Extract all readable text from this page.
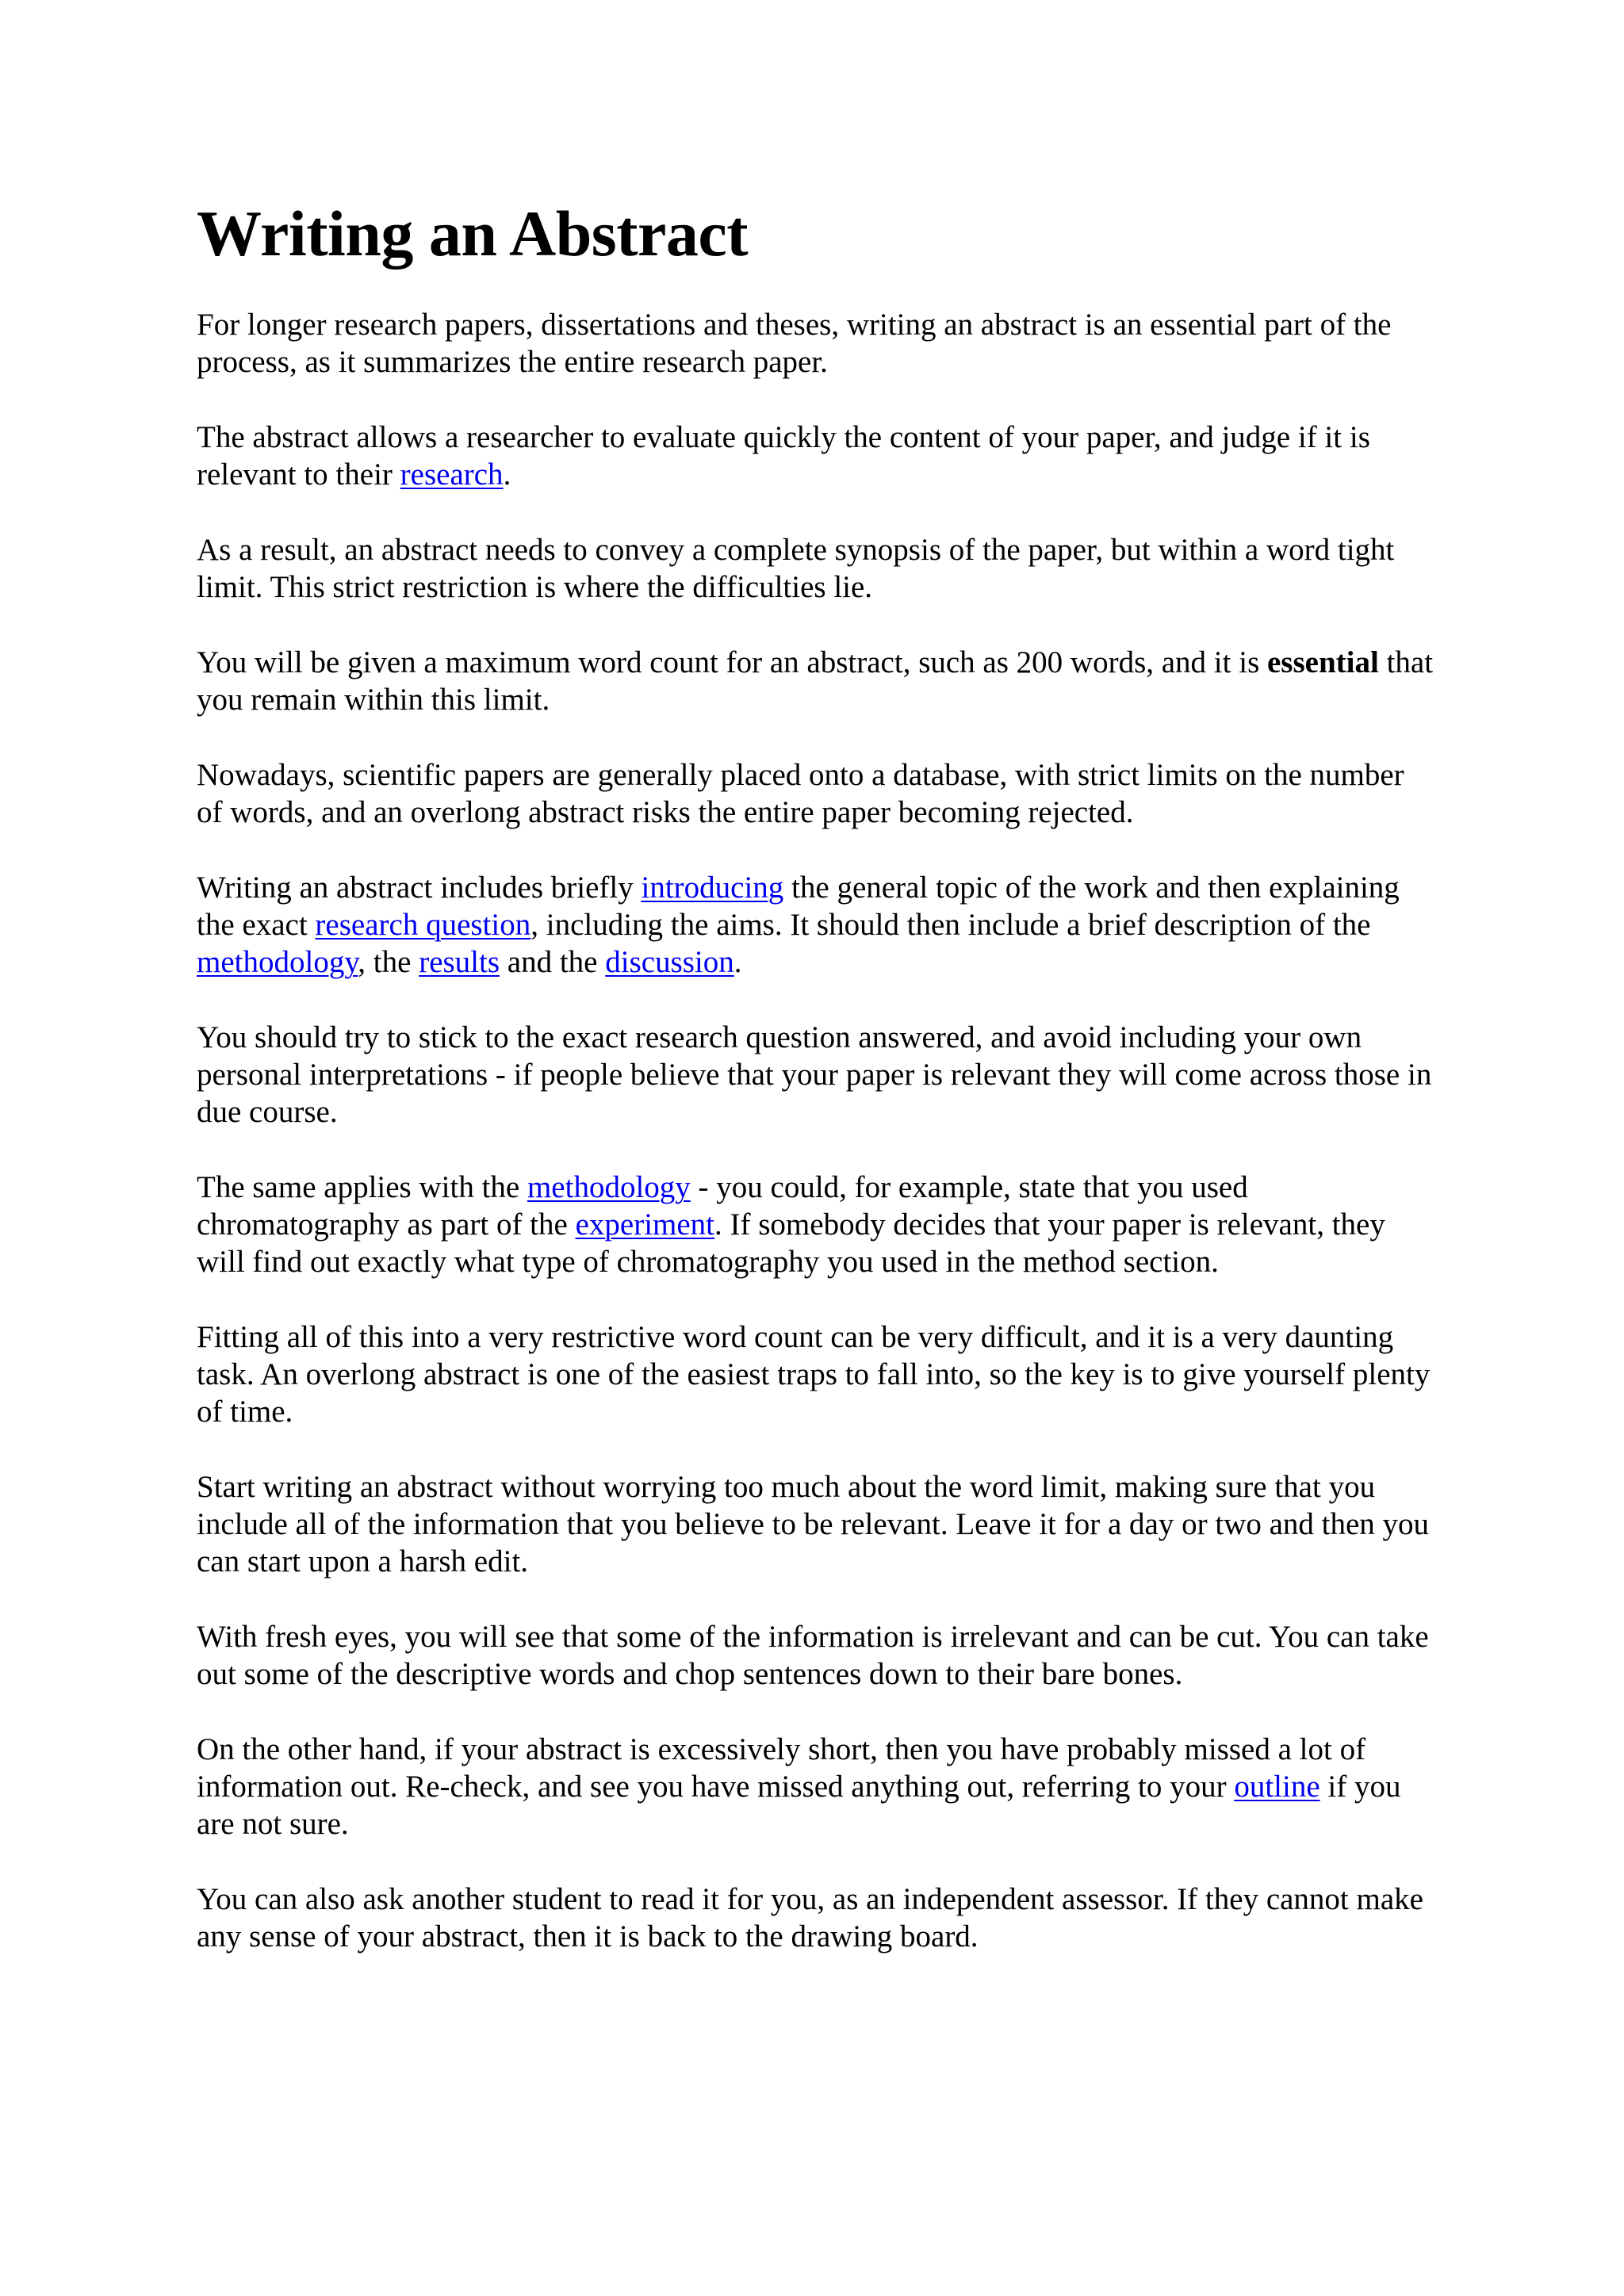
Writing an Abstract

For longer research papers, dissertations and theses, writing an abstract is an essential part of the process, as it summarizes the entire research paper.

The abstract allows a researcher to evaluate quickly the content of your paper, and judge if it is relevant to their research.

As a result, an abstract needs to convey a complete synopsis of the paper, but within a word tight limit. This strict restriction is where the difficulties lie.

You will be given a maximum word count for an abstract, such as 200 words, and it is essential that you remain within this limit.

Nowadays, scientific papers are generally placed onto a database, with strict limits on the number of words, and an overlong abstract risks the entire paper becoming rejected.

Writing an abstract includes briefly introducing the general topic of the work and then explaining the exact research question, including the aims. It should then include a brief description of the methodology, the results and the discussion.

You should try to stick to the exact research question answered, and avoid including your own personal interpretations - if people believe that your paper is relevant they will come across those in due course.

The same applies with the methodology - you could, for example, state that you used chromatography as part of the experiment. If somebody decides that your paper is relevant, they will find out exactly what type of chromatography you used in the method section.

Fitting all of this into a very restrictive word count can be very difficult, and it is a very daunting task. An overlong abstract is one of the easiest traps to fall into, so the key is to give yourself plenty of time.

Start writing an abstract without worrying too much about the word limit, making sure that you include all of the information that you believe to be relevant. Leave it for a day or two and then you can start upon a harsh edit.

With fresh eyes, you will see that some of the information is irrelevant and can be cut. You can take out some of the descriptive words and chop sentences down to their bare bones.

On the other hand, if your abstract is excessively short, then you have probably missed a lot of information out. Re-check, and see you have missed anything out, referring to your outline if you are not sure.

You can also ask another student to read it for you, as an independent assessor. If they cannot make any sense of your abstract, then it is back to the drawing board.
